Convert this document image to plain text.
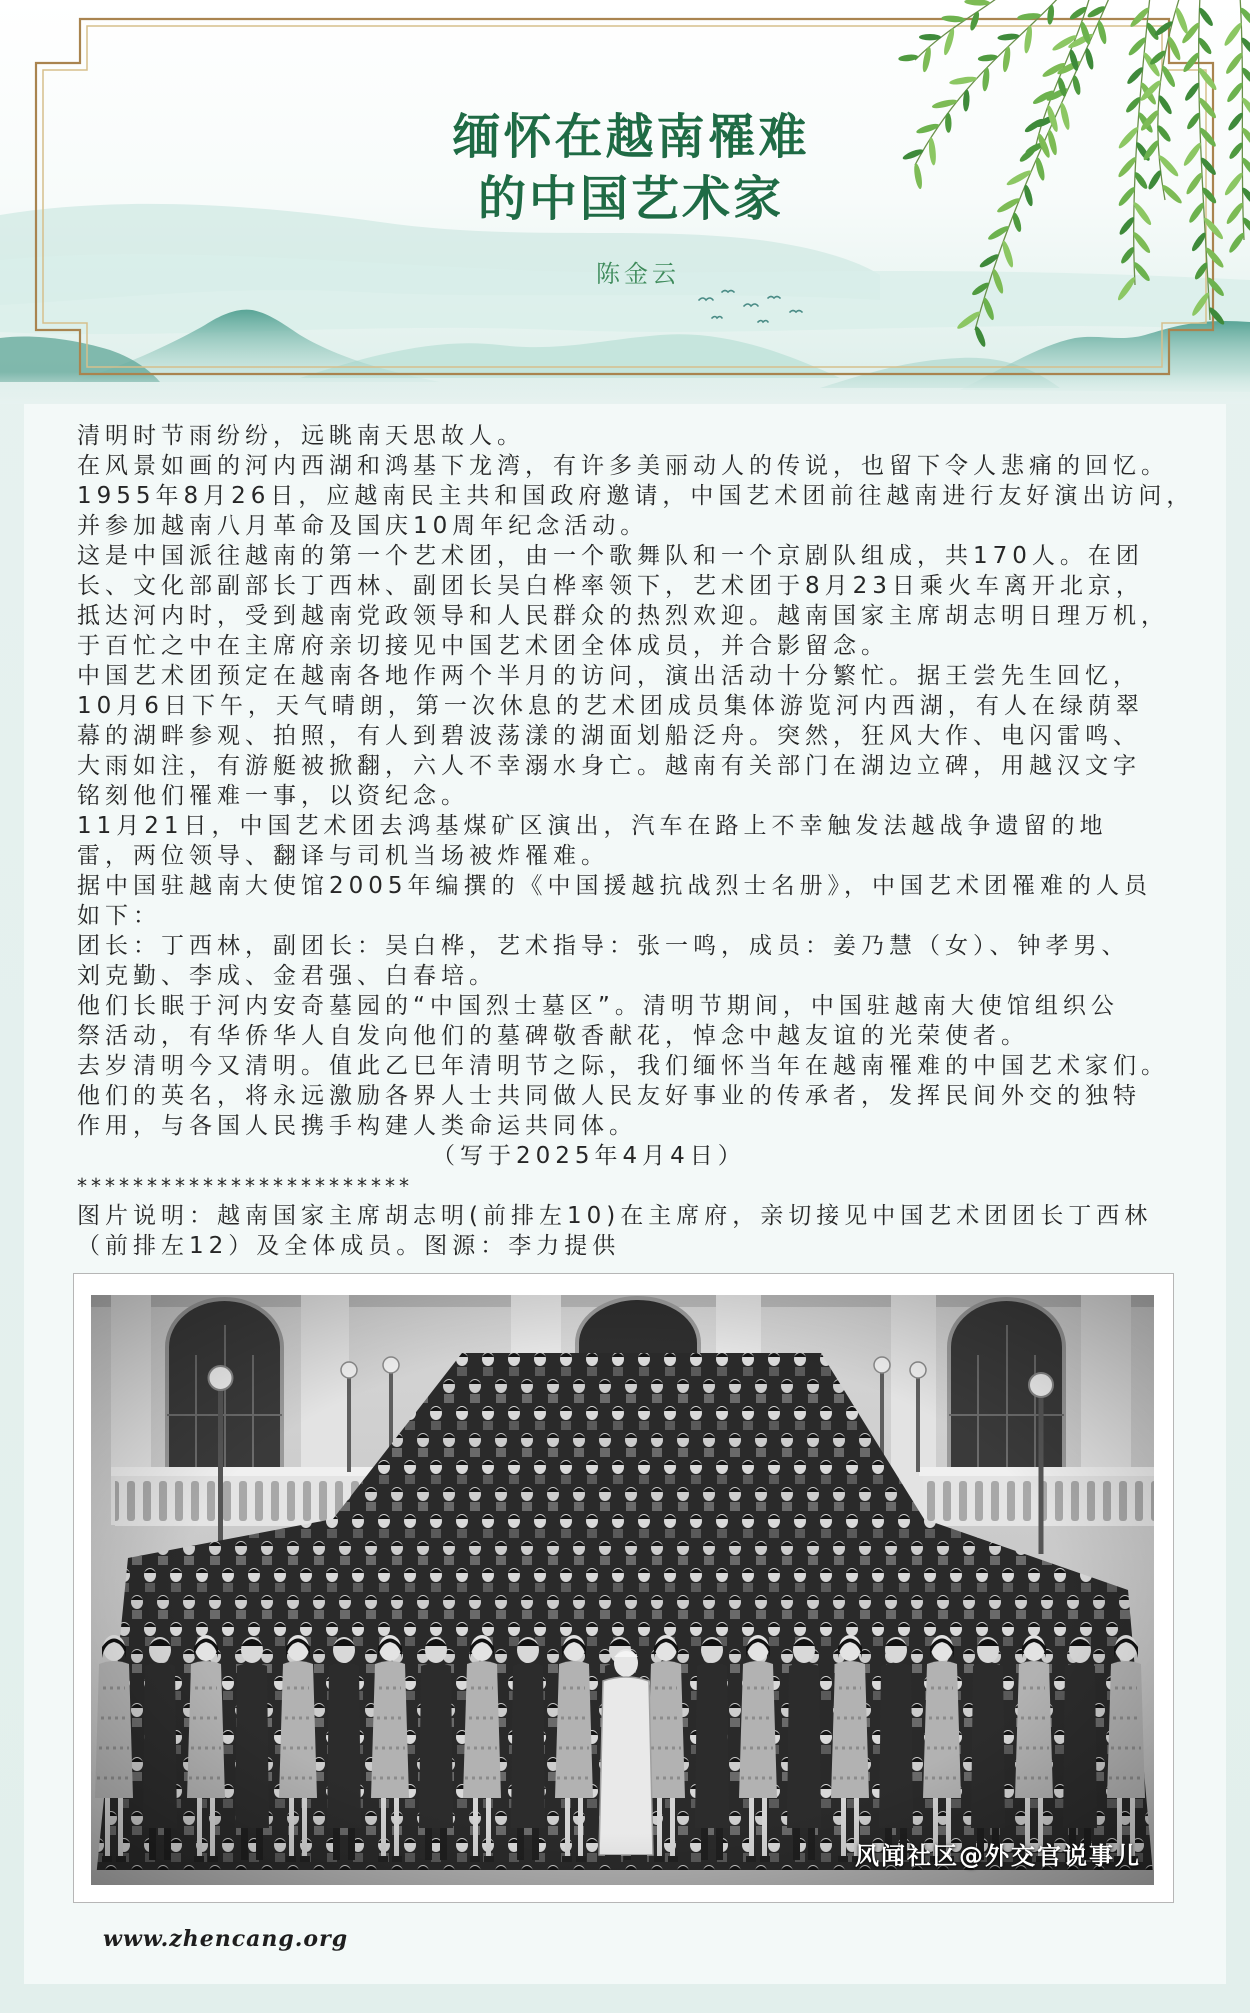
缅怀在越南罹难
的中国艺术家
陈金云
清明时节雨纷纷，远眺南天思故人。
在风景如画的河内西湖和鸿基下龙湾，有许多美丽动人的传说，也留下令人悲痛的回忆。
1955年8月26日，应越南民主共和国政府邀请，中国艺术团前往越南进行友好演出访问，
并参加越南八月革命及国庆10周年纪念活动。
这是中国派往越南的第一个艺术团，由一个歌舞队和一个京剧队组成，共170人。在团
长、文化部副部长丁西林、副团长吴白桦率领下，艺术团于8月23日乘火车离开北京，
抵达河内时，受到越南党政领导和人民群众的热烈欢迎。越南国家主席胡志明日理万机，
于百忙之中在主席府亲切接见中国艺术团全体成员，并合影留念。
中国艺术团预定在越南各地作两个半月的访问，演出活动十分繁忙。据王尝先生回忆，
10月6日下午，天气晴朗，第一次休息的艺术团成员集体游览河内西湖，有人在绿荫翠
幕的湖畔参观、拍照，有人到碧波荡漾的湖面划船泛舟。突然，狂风大作、电闪雷鸣、
大雨如注，有游艇被掀翻，六人不幸溺水身亡。越南有关部门在湖边立碑，用越汉文字
铭刻他们罹难一事，以资纪念。
11月21日，中国艺术团去鸿基煤矿区演出，汽车在路上不幸触发法越战争遗留的地
雷，两位领导、翻译与司机当场被炸罹难。
据中国驻越南大使馆2005年编撰的《中国援越抗战烈士名册》，中国艺术团罹难的人员
如下：
团长：丁西林，副团长：吴白桦，艺术指导：张一鸣，成员：姜乃慧（女）、钟孝男、
刘克勤、李成、金君强、白春培。
他们长眠于河内安奇墓园的“中国烈士墓区”。清明节期间，中国驻越南大使馆组织公
祭活动，有华侨华人自发向他们的墓碑敬香献花，悼念中越友谊的光荣使者。
去岁清明今又清明。值此乙巳年清明节之际，我们缅怀当年在越南罹难的中国艺术家们。
他们的英名，将永远激励各界人士共同做人民友好事业的传承者，发挥民间外交的独特
作用，与各国人民携手构建人类命运共同体。
（写于2025年4月4日）
************************
图片说明：越南国家主席胡志明(前排左10)在主席府，亲切接见中国艺术团团长丁西林
（前排左12）及全体成员。图源：李力提供
风闻社区@外交官说事儿
www.zhencang.org
